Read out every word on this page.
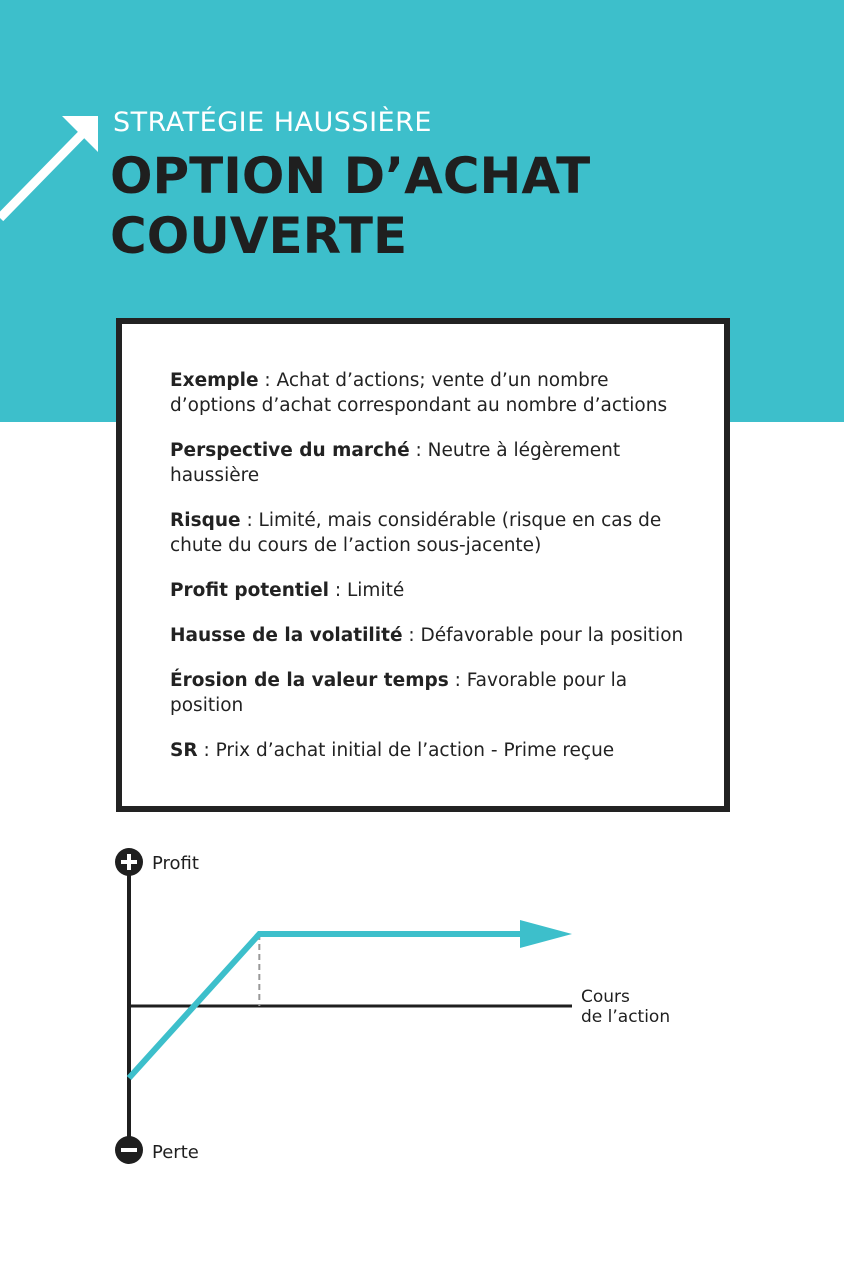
STRATÉGIE HAUSSIÈRE
OPTION D’ACHAT
COUVERTE
Exemple : Achat d’actions; vente d’un nombre d’options d’achat correspondant au nombre d’actions
Perspective du marché : Neutre à légèrement haussière
Risque : Limité, mais considérable (risque en cas de chute du cours de l’action sous-jacente)
Profit potentiel : Limité
Hausse de la volatilité : Défavorable pour la position
Érosion de la valeur temps : Favorable pour la position
SR : Prix d’achat initial de l’action - Prime reçue
Profit
Perte
Cours
de l’action
